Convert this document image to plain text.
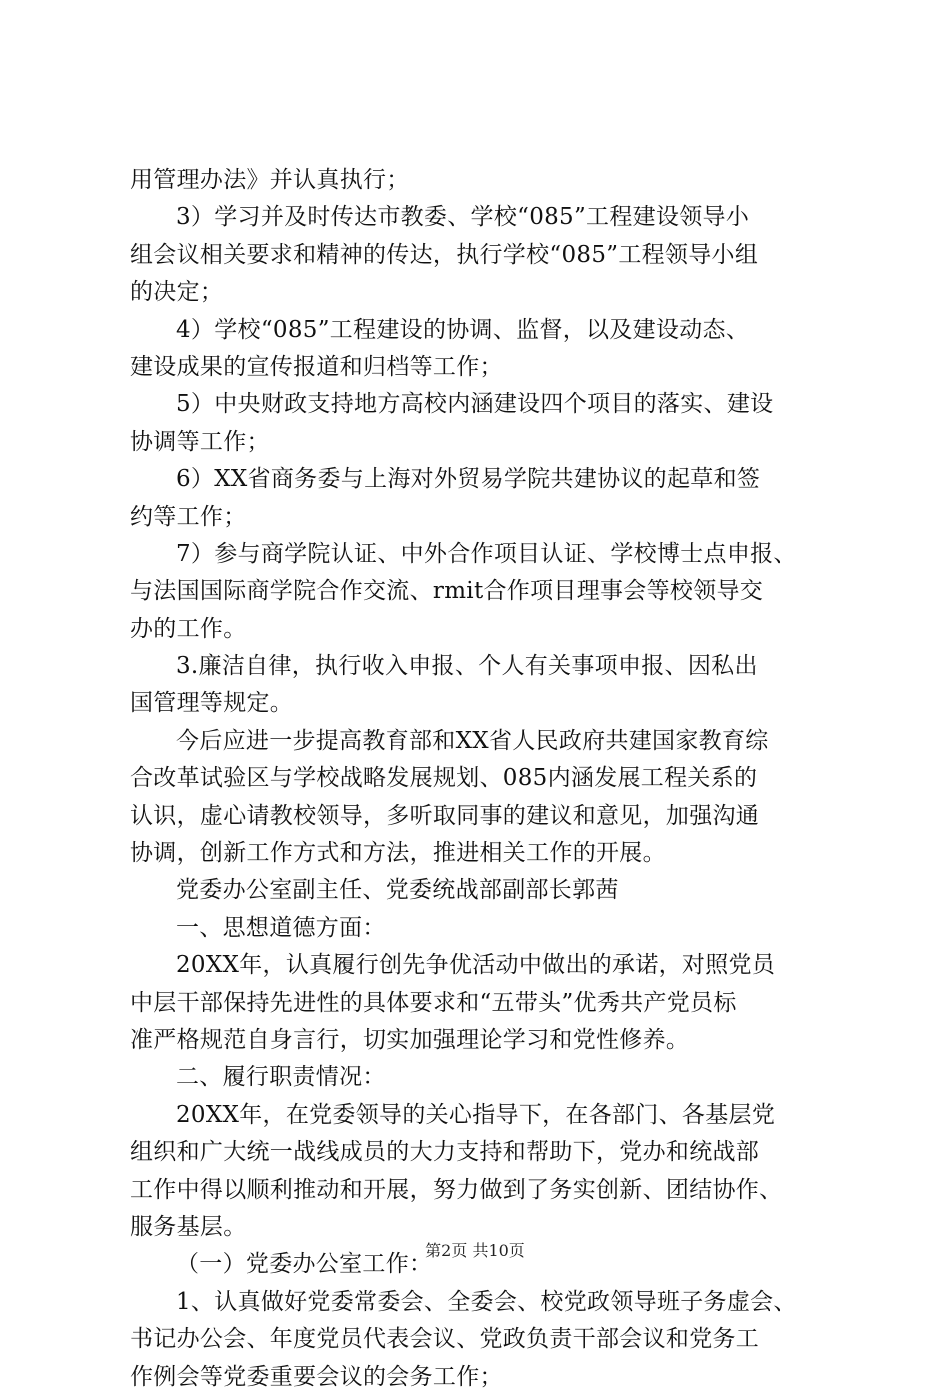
用管理办法》并认真执行；
3）学习并及时传达市教委、学校“085”工程建设领导小
组会议相关要求和精神的传达，执行学校“085”工程领导小组
的决定；
4）学校“085”工程建设的协调、监督，以及建设动态、
建设成果的宣传报道和归档等工作；
5）中央财政支持地方高校内涵建设四个项目的落实、建设
协调等工作；
6）XX省商务委与上海对外贸易学院共建协议的起草和签
约等工作；
7）参与商学院认证、中外合作项目认证、学校博士点申报、
与法国国际商学院合作交流、rmit合作项目理事会等校领导交
办的工作。
3.廉洁自律，执行收入申报、个人有关事项申报、因私出
国管理等规定。
今后应进一步提高教育部和XX省人民政府共建国家教育综
合改革试验区与学校战略发展规划、085内涵发展工程关系的
认识，虚心请教校领导，多听取同事的建议和意见，加强沟通
协调，创新工作方式和方法，推进相关工作的开展。
党委办公室副主任、党委统战部副部长郭茜
一、思想道德方面：
20XX年，认真履行创先争优活动中做出的承诺，对照党员
中层干部保持先进性的具体要求和“五带头”优秀共产党员标
准严格规范自身言行，切实加强理论学习和党性修养。
二、履行职责情况：
20XX年，在党委领导的关心指导下，在各部门、各基层党
组织和广大统一战线成员的大力支持和帮助下，党办和统战部
工作中得以顺利推动和开展，努力做到了务实创新、团结协作、
服务基层。
（一）党委办公室工作：
1、认真做好党委常委会、全委会、校党政领导班子务虚会、
书记办公会、年度党员代表会议、党政负责干部会议和党务工
作例会等党委重要会议的会务工作；
第2页 共10页
